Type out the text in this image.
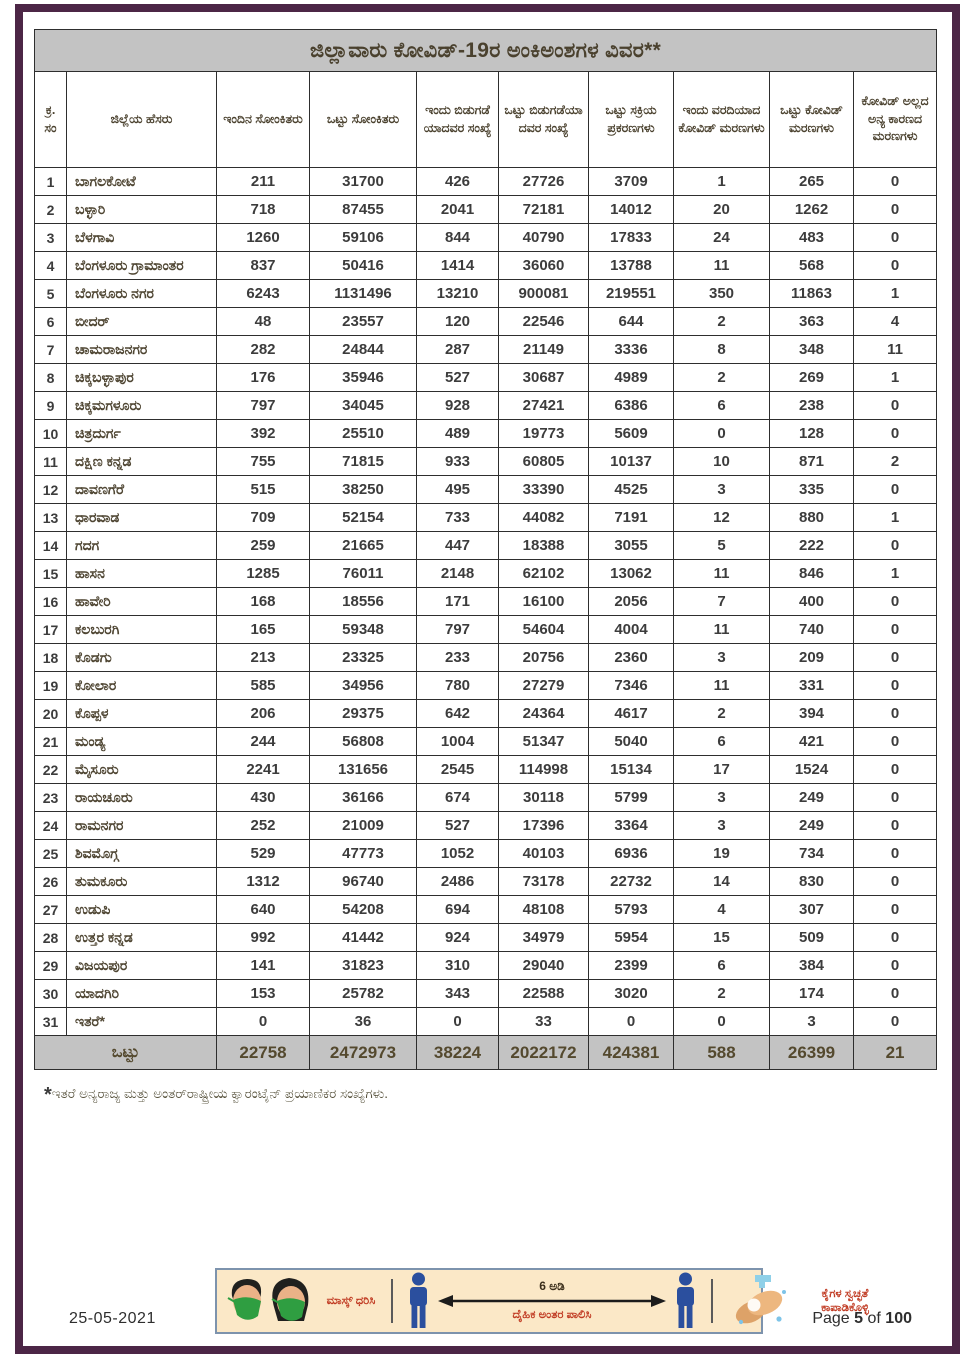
ಜಿಲ್ಲಾವಾರು ಕೋವಿಡ್-19ರ ಅಂಕಿಅಂಶಗಳ ವಿವರ**									
ಕ್ರ. ಸಂ	ಜಿಲ್ಲೆಯ ಹೆಸರು	ಇಂದಿನ ಸೋಂಕಿತರು	ಒಟ್ಟು ಸೋಂಕಿತರು	ಇಂದು ಬಿಡುಗಡೆ ಯಾದವರ ಸಂಖ್ಯೆ	ಒಟ್ಟು ಬಿಡುಗಡೆಯಾ ದವರ ಸಂಖ್ಯೆ	ಒಟ್ಟು ಸಕ್ರಿಯ ಪ್ರಕರಣಗಳು	ಇಂದು ವರದಿಯಾದ ಕೋವಿಡ್ ಮರಣಗಳು	ಒಟ್ಟು ಕೋವಿಡ್ ಮರಣಗಳು	ಕೋವಿಡ್ ಅಲ್ಲದ ಅನ್ಯ ಕಾರಣದ ಮರಣಗಳು
1	ಬಾಗಲಕೋಟೆ	211	31700	426	27726	3709	1	265	0
2	ಬಳ್ಳಾರಿ	718	87455	2041	72181	14012	20	1262	0
3	ಬೆಳಗಾವಿ	1260	59106	844	40790	17833	24	483	0
4	ಬೆಂಗಳೂರು ಗ್ರಾಮಾಂತರ	837	50416	1414	36060	13788	11	568	0
5	ಬೆಂಗಳೂರು ನಗರ	6243	1131496	13210	900081	219551	350	11863	1
6	ಬೀದರ್	48	23557	120	22546	644	2	363	4
7	ಚಾಮರಾಜನಗರ	282	24844	287	21149	3336	8	348	11
8	ಚಿಕ್ಕಬಳ್ಳಾಪುರ	176	35946	527	30687	4989	2	269	1
9	ಚಿಕ್ಕಮಗಳೂರು	797	34045	928	27421	6386	6	238	0
10	ಚಿತ್ರದುರ್ಗ	392	25510	489	19773	5609	0	128	0
11	ದಕ್ಷಿಣ ಕನ್ನಡ	755	71815	933	60805	10137	10	871	2
12	ದಾವಣಗೆರೆ	515	38250	495	33390	4525	3	335	0
13	ಧಾರವಾಡ	709	52154	733	44082	7191	12	880	1
14	ಗದಗ	259	21665	447	18388	3055	5	222	0
15	ಹಾಸನ	1285	76011	2148	62102	13062	11	846	1
16	ಹಾವೇರಿ	168	18556	171	16100	2056	7	400	0
17	ಕಲಬುರಗಿ	165	59348	797	54604	4004	11	740	0
18	ಕೊಡಗು	213	23325	233	20756	2360	3	209	0
19	ಕೋಲಾರ	585	34956	780	27279	7346	11	331	0
20	ಕೊಪ್ಪಳ	206	29375	642	24364	4617	2	394	0
21	ಮಂಡ್ಯ	244	56808	1004	51347	5040	6	421	0
22	ಮೈಸೂರು	2241	131656	2545	114998	15134	17	1524	0
23	ರಾಯಚೂರು	430	36166	674	30118	5799	3	249	0
24	ರಾಮನಗರ	252	21009	527	17396	3364	3	249	0
25	ಶಿವಮೊಗ್ಗ	529	47773	1052	40103	6936	19	734	0
26	ತುಮಕೂರು	1312	96740	2486	73178	22732	14	830	0
27	ಉಡುಪಿ	640	54208	694	48108	5793	4	307	0
28	ಉತ್ತರ ಕನ್ನಡ	992	41442	924	34979	5954	15	509	0
29	ವಿಜಯಪುರ	141	31823	310	29040	2399	6	384	0
30	ಯಾದಗಿರಿ	153	25782	343	22588	3020	2	174	0
31	ಇತರೆ*	0	36	0	33	0	0	3	0
ಒಟ್ಟು		22758	2472973	38224	2022172	424381	588	26399	21

*ಇತರೆ ಅನ್ಯರಾಜ್ಯ ಮತ್ತು ಅಂತರ್‌ರಾಷ್ಟ್ರೀಯ ಕ್ವಾರಂಟೈನ್ ಪ್ರಯಾಣಿಕರ ಸಂಖ್ಯೆಗಳು.

25-05-2021
ಮಾಸ್ಕ್ ಧರಿಸಿ
6 ಅಡಿ
ದೈಹಿಕ ಅಂತರ ಪಾಲಿಸಿ
ಕೈಗಳ ಸ್ವಚ್ಛತೆ ಕಾಪಾಡಿಕೊಳ್ಳಿ
Page 5 of 100
